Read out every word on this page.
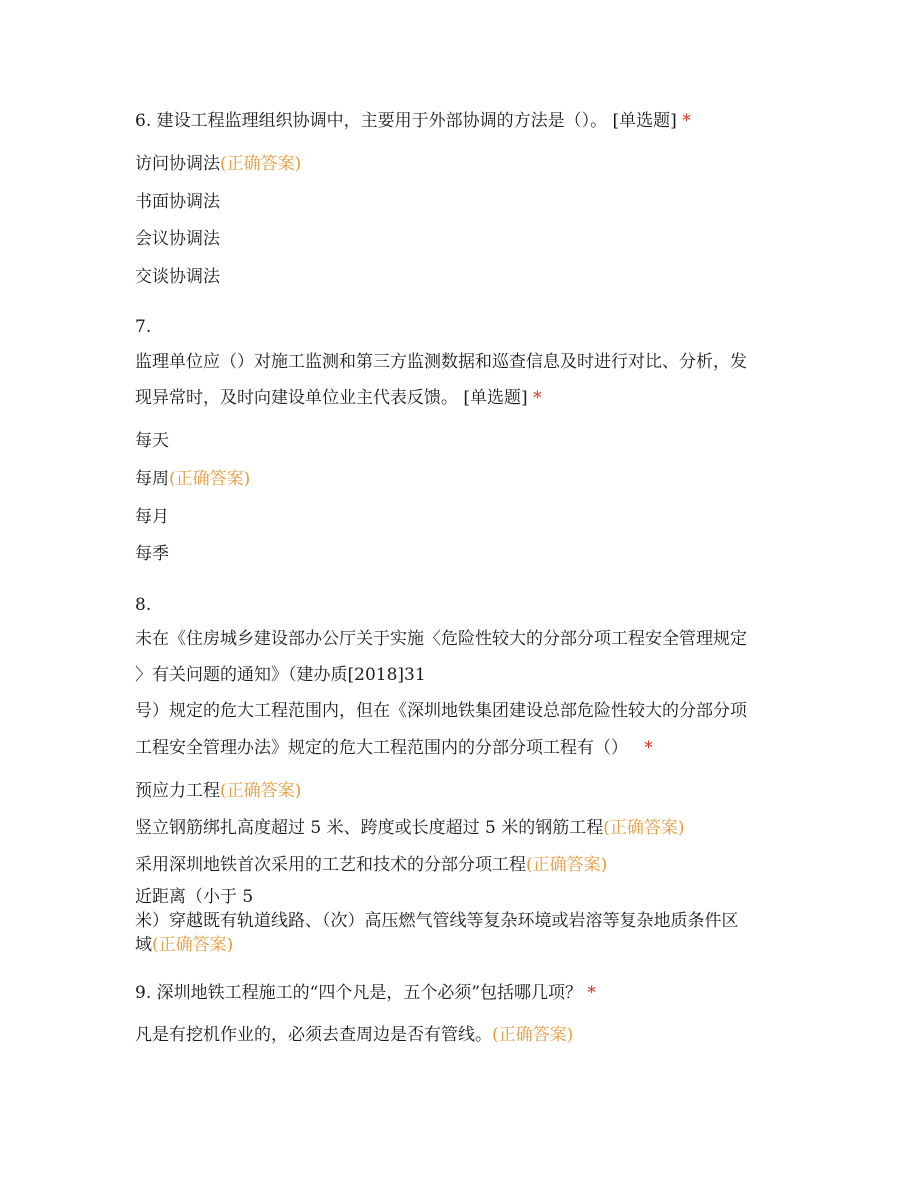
6. 建设工程监理组织协调中，主要用于外部协调的方法是（）。 [单选题] *
访问协调法(正确答案)
书面协调法
会议协调法
交谈协调法
7.
监理单位应（）对施工监测和第三方监测数据和巡查信息及时进行对比、分析，发
现异常时，及时向建设单位业主代表反馈。 [单选题] *
每天
每周(正确答案)
每月
每季
8.
未在《住房城乡建设部办公厅关于实施〈危险性较大的分部分项工程安全管理规定
〉有关问题的通知》（建办质[2018]31
号）规定的危大工程范围内，但在《深圳地铁集团建设总部危险性较大的分部分项
工程安全管理办法》规定的危大工程范围内的分部分项工程有（） *
预应力工程(正确答案)
竖立钢筋绑扎高度超过 5 米、跨度或长度超过 5 米的钢筋工程(正确答案)
采用深圳地铁首次采用的工艺和技术的分部分项工程(正确答案)
近距离（小于 5
米）穿越既有轨道线路、（次）高压燃气管线等复杂环境或岩溶等复杂地质条件区
域(正确答案)
9. 深圳地铁工程施工的“四个凡是，五个必须”包括哪几项？ *
凡是有挖机作业的，必须去查周边是否有管线。(正确答案)
